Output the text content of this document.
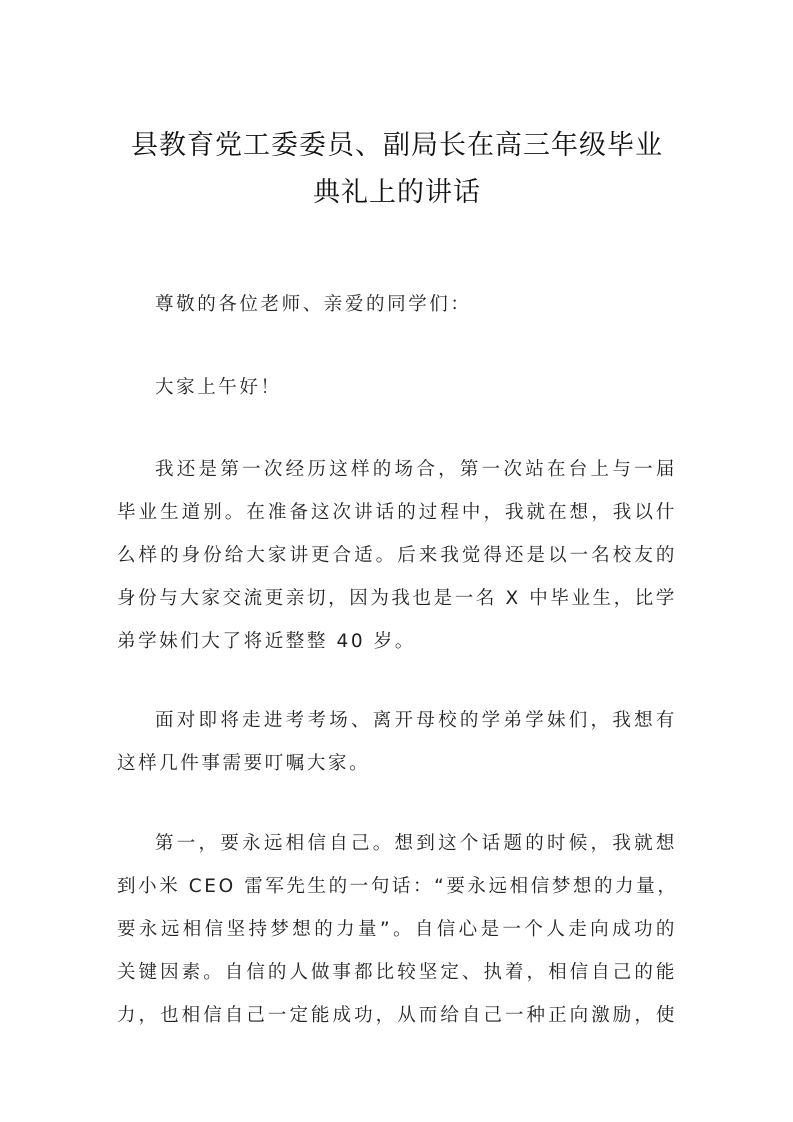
县教育党工委委员、副局长在高三年级毕业
典礼上的讲话

尊敬的各位老师、亲爱的同学们：

大家上午好！

我还是第一次经历这样的场合，第一次站在台上与一届
毕业生道别。在准备这次讲话的过程中，我就在想，我以什
么样的身份给大家讲更合适。后来我觉得还是以一名校友的
身份与大家交流更亲切，因为我也是一名 X 中毕业生，比学
弟学妹们大了将近整整 40 岁。

面对即将走进考考场、离开母校的学弟学妹们，我想有
这样几件事需要叮嘱大家。

第一，要永远相信自己。想到这个话题的时候，我就想
到小米 CEO 雷军先生的一句话：“要永远相信梦想的力量，
要永远相信坚持梦想的力量”。自信心是一个人走向成功的
关键因素。自信的人做事都比较坚定、执着，相信自己的能
力，也相信自己一定能成功，从而给自己一种正向激励，使
